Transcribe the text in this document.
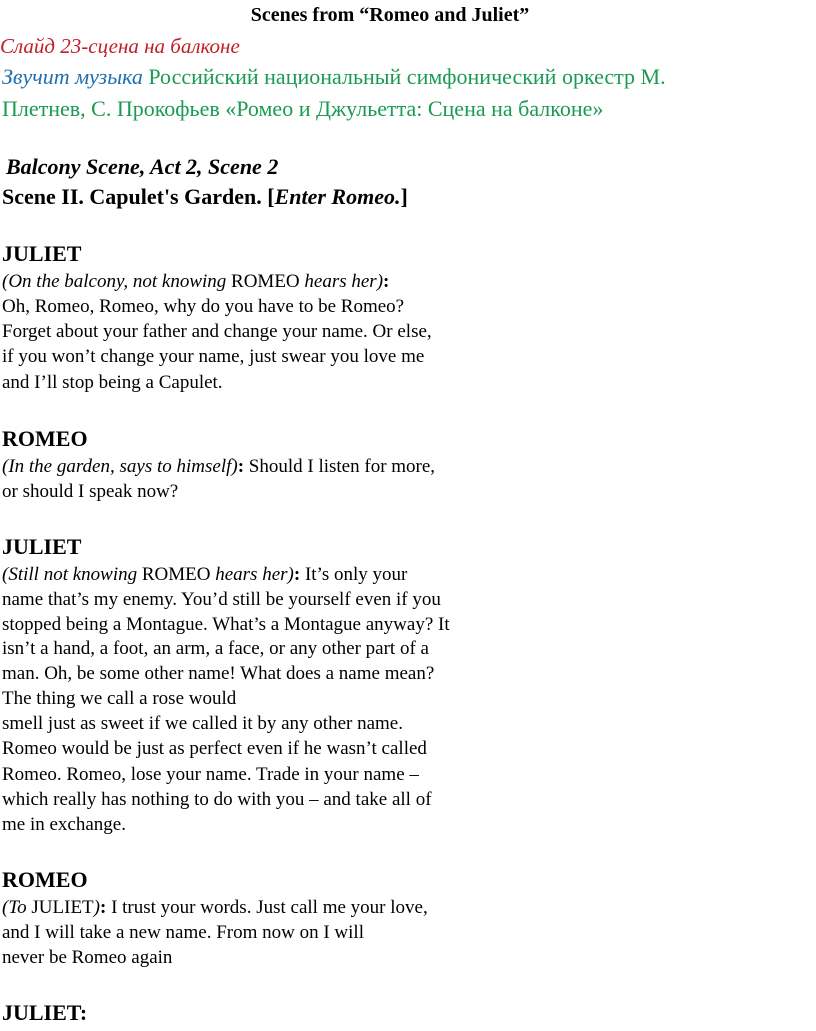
Scenes from “Romeo and Juliet”

Слайд 23-сцена на балконе

Звучит музыка Российский национальный симфонический оркестр М.

Плетнев, С. Прокофьев «Ромео и Джульетта: Сцена на балконе»

Balcony Scene, Act 2, Scene 2

Scene II. Capulet's Garden. [Enter Romeo.]

JULIET

(On the balcony, not knowing ROMEO hears her):

Oh, Romeo, Romeo, why do you have to be Romeo?

Forget about your father and change your name. Or else,

if you won’t change your name, just swear you love me

and I’ll stop being a Capulet.

ROMEO

(In the garden, says to himself): Should I listen for more,

or should I speak now?

JULIET

(Still not knowing ROMEO hears her): It’s only your

name that’s my enemy. You’d still be yourself even if you

stopped being a Montague. What’s a Montague anyway? It

isn’t a hand, a foot, an arm, a face, or any other part of a

man. Oh, be some other name! What does a name mean?

The thing we call a rose would

smell just as sweet if we called it by any other name.

Romeo would be just as perfect even if he wasn’t called

Romeo. Romeo, lose your name. Trade in your name –

which really has nothing to do with you – and take all of

me in exchange.

ROMEO

(To JULIET): I trust your words. Just call me your love,

and I will take a new name. From now on I will

never be Romeo again

JULIET:
